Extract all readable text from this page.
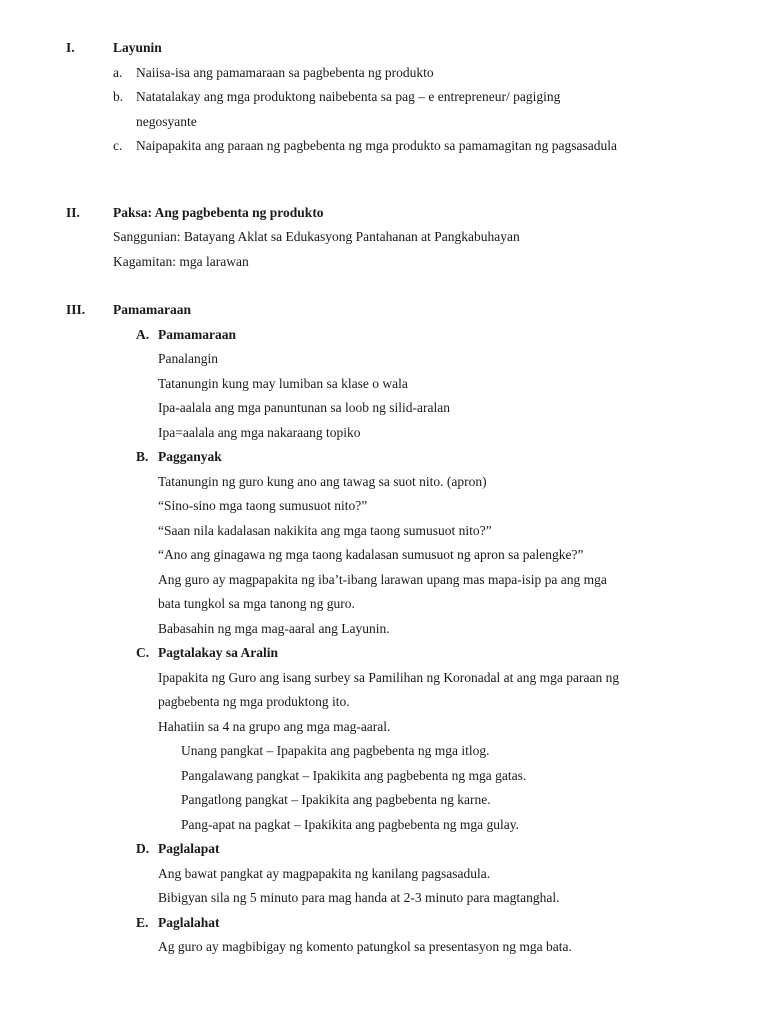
I.	Layunin
a. Naiisa-isa ang pamamaraan sa pagbebenta ng produkto
b. Natatalakay ang mga produktong naibebenta sa pag – e entrepreneur/ pagiging
negosyante
c. Naipapakita ang paraan ng pagbebenta ng mga produkto sa pamamagitan ng pagsasadula
II. Paksa: Ang pagbebenta ng produkto
Sanggunian: Batayang Aklat sa Edukasyong Pantahanan at Pangkabuhayan
Kagamitan: mga larawan
III. Pamamaraan
A. Pamamaraan
Panalangin
Tatanungin kung may lumiban sa klase o wala
Ipa-aalala ang mga panuntunan sa loob ng silid-aralan
Ipa=aalala ang mga nakaraang topiko
B. Pagganyak
Tatanungin ng guro kung ano ang tawag sa suot nito. (apron)
“Sino-sino mga taong sumusuot nito?”
“Saan nila kadalasan nakikita ang mga taong sumusuot nito?”
“Ano ang ginagawa ng mga taong kadalasan sumusuot ng apron sa palengke?”
Ang guro ay magpapakita ng iba’t-ibang larawan upang mas mapa-isip pa ang mga
bata tungkol sa mga tanong ng guro.
Babasahin ng mga mag-aaral ang Layunin.
C. Pagtalakay sa Aralin
Ipapakita ng Guro ang isang surbey sa Pamilihan ng Koronadal at ang mga paraan ng
pagbebenta ng mga produktong ito.
Hahatiin sa 4 na grupo ang mga mag-aaral.
Unang pangkat – Ipapakita ang pagbebenta ng mga itlog.
Pangalawang pangkat – Ipakikita ang pagbebenta ng mga gatas.
Pangatlong pangkat – Ipakikita ang pagbebenta ng karne.
Pang-apat na pagkat – Ipakikita ang pagbebenta ng mga gulay.
D. Paglalapat
Ang bawat pangkat ay magpapakita ng kanilang pagsasadula.
Bibigyan sila ng 5 minuto para mag handa at 2-3 minuto para magtanghal.
E. Paglalahat
Ag guro ay magbibigay ng komento patungkol sa presentasyon ng mga bata.
